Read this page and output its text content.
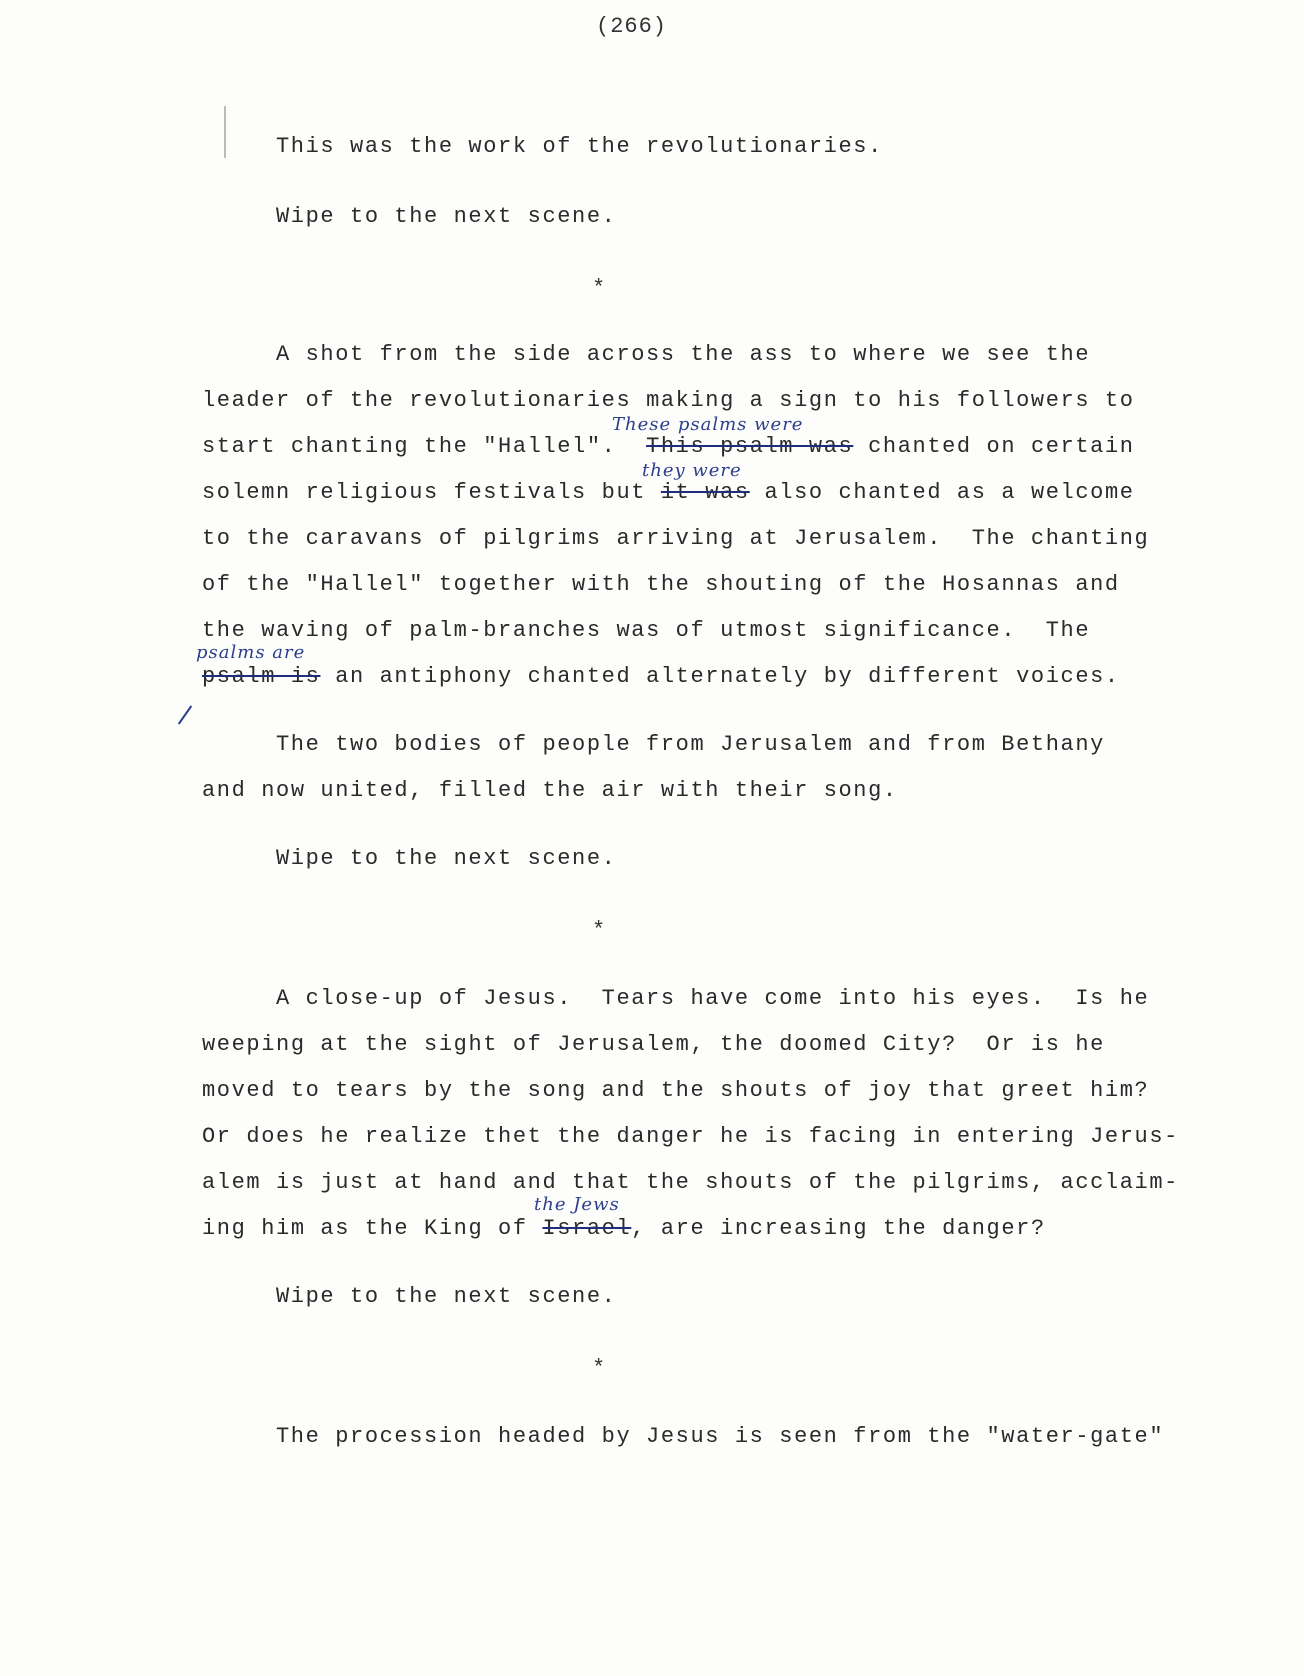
(266)
This was the work of the revolutionaries.
Wipe to the next scene.
*
A shot from the side across the ass to where we see the
leader of the revolutionaries making a sign to his followers to
These psalms were
start chanting the "Hallel".  This psalm was chanted on certain
they were
solemn religious festivals but it was also chanted as a welcome
to the caravans of pilgrims arriving at Jerusalem.  The chanting
of the "Hallel" together with the shouting of the Hosannas and
the waving of palm-branches was of utmost significance.  The
psalms are
psalm is an antiphony chanted alternately by different voices.
The two bodies of people from Jerusalem and from Bethany
and now united, filled the air with their song.
Wipe to the next scene.
*
A close-up of Jesus.  Tears have come into his eyes.  Is he
weeping at the sight of Jerusalem, the doomed City?  Or is he
moved to tears by the song and the shouts of joy that greet him?
Or does he realize thet the danger he is facing in entering Jerus-
alem is just at hand and that the shouts of the pilgrims, acclaim-
the Jews
ing him as the King of Israel, are increasing the danger?
Wipe to the next scene.
*
The procession headed by Jesus is seen from the "water-gate"
